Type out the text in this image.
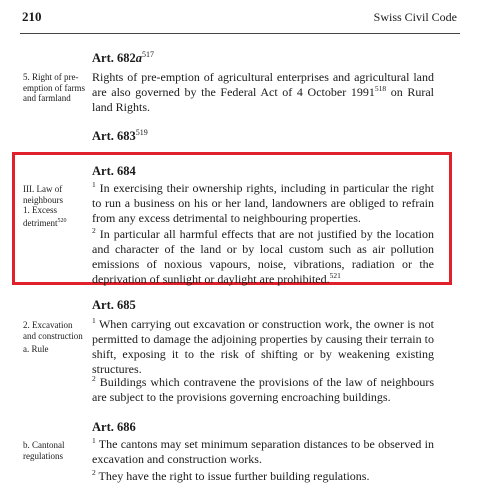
210	Swiss Civil Code
Art. $682a^{517}$
5. Right of pre-
emption of farms
and farmland
Rights of pre-emption of agricultural enterprises and agricultural land are also governed by the Federal Act of 4 October 1991$^{518}$ on Rural land Rights.
Art. $683^{519}$
Art. 684
III. Law of
neighbours
1. Excess
detriment$^{520}$
$^1$ In exercising their ownership rights, including in particular the right to run a business on his or her land, landowners are obliged to refrain from any excess detrimental to neighbouring properties.
$^2$ In particular all harmful effects that are not justified by the location and character of the land or by local custom such as air pollution emissions of noxious vapours, noise, vibrations, radiation or the deprivation of sunlight or daylight are prohibited.$^{521}$
Art. 685
2. Excavation
and construction
a. Rule
$^1$ When carrying out excavation or construction work, the owner is not permitted to damage the adjoining properties by causing their terrain to shift, exposing it to the risk of shifting or by weakening existing structures.
$^2$ Buildings which contravene the provisions of the law of neighbours are subject to the provisions governing encroaching buildings.
Art. 686
b. Cantonal
regulations
$^1$ The cantons may set minimum separation distances to be observed in excavation and construction works.
$^2$ They have the right to issue further building regulations.
